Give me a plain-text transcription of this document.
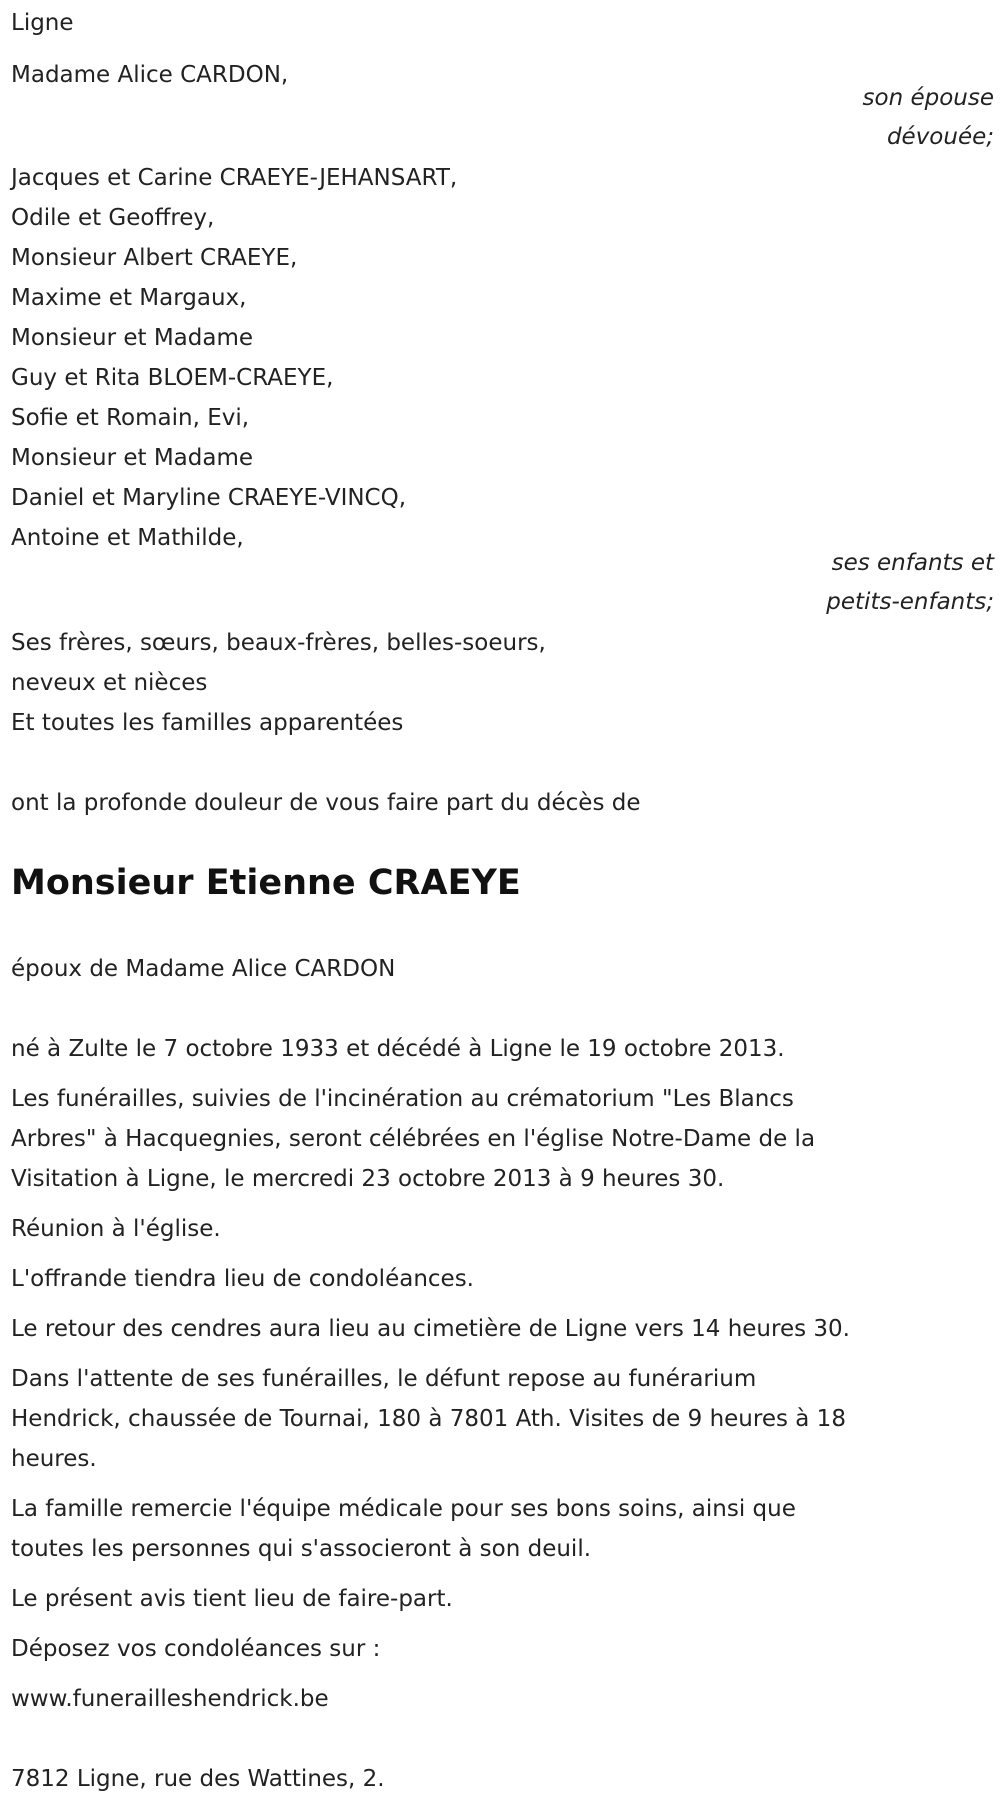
Ligne
Madame Alice CARDON,
son épouse
dévouée;
Jacques et Carine CRAEYE-JEHANSART,
Odile et Geoffrey,
Monsieur Albert CRAEYE,
Maxime et Margaux,
Monsieur et Madame
Guy et Rita BLOEM-CRAEYE,
Sofie et Romain, Evi,
Monsieur et Madame
Daniel et Maryline CRAEYE-VINCQ,
Antoine et Mathilde,
ses enfants et
petits-enfants;
Ses frères, sœurs, beaux-frères, belles-soeurs,
neveux et nièces
Et toutes les familles apparentées
ont la profonde douleur de vous faire part du décès de
Monsieur Etienne CRAEYE
époux de Madame Alice CARDON
né à Zulte le 7 octobre 1933 et décédé à Ligne le 19 octobre 2013.
Les funérailles, suivies de l'incinération au crématorium "Les Blancs
Arbres" à Hacquegnies, seront célébrées en l'église Notre-Dame de la
Visitation à Ligne, le mercredi 23 octobre 2013 à 9 heures 30.
Réunion à l'église.
L'offrande tiendra lieu de condoléances.
Le retour des cendres aura lieu au cimetière de Ligne vers 14 heures 30.
Dans l'attente de ses funérailles, le défunt repose au funérarium
Hendrick, chaussée de Tournai, 180 à 7801 Ath. Visites de 9 heures à 18
heures.
La famille remercie l'équipe médicale pour ses bons soins, ainsi que
toutes les personnes qui s'associeront à son deuil.
Le présent avis tient lieu de faire-part.
Déposez vos condoléances sur :
www.funerailleshendrick.be
7812 Ligne, rue des Wattines, 2.
